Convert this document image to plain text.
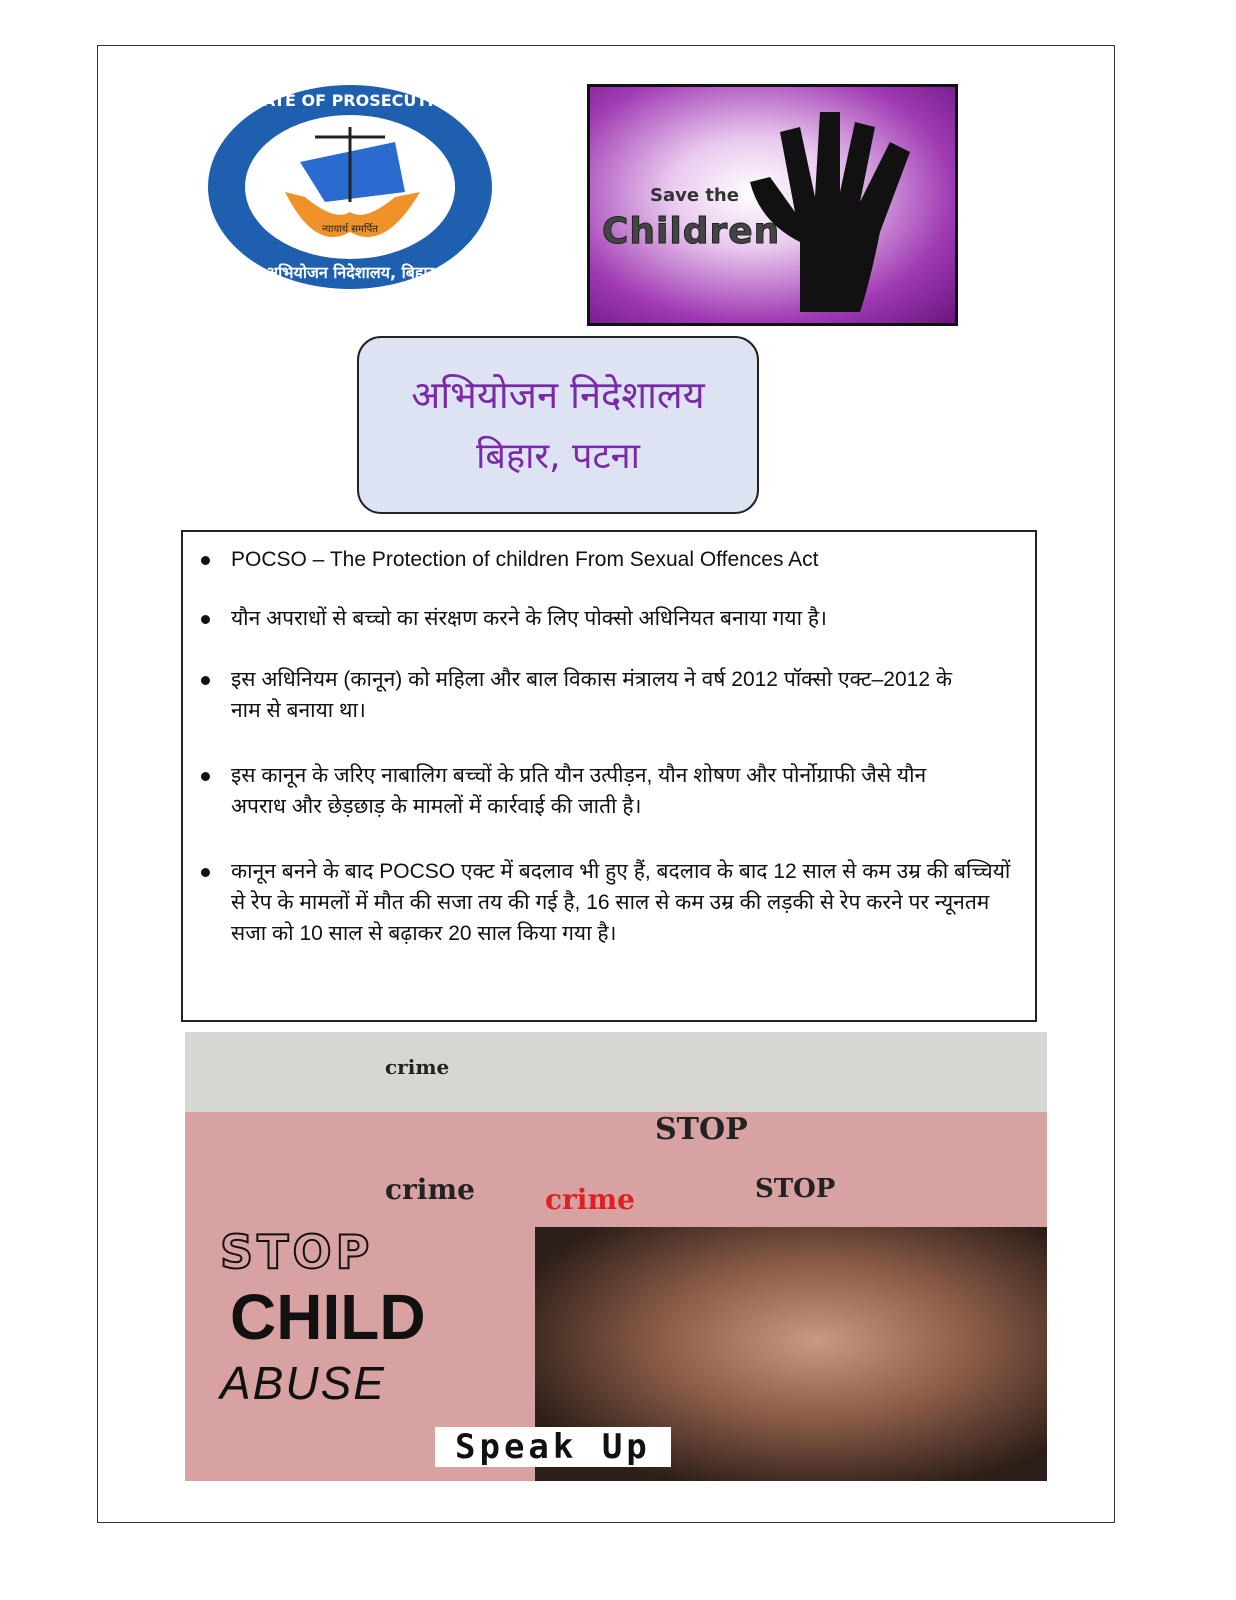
DIRECTORATE OF PROSECUTION, BIHAR
अभियोजन निदेशालय, बिहार
न्यायार्थ समर्पित
Save the
Children
अभियोजन निदेशालय
बिहार, पटना
POCSO – The Protection of children From Sexual Offences Act
यौन अपराधों से बच्चो का संरक्षण करने के लिए पोक्सो अधिनियत बनाया गया है।
इस अधिनियम (कानून) को महिला और बाल विकास मंत्रालय ने वर्ष 2012 पॉक्सो एक्ट–2012 के नाम से बनाया था।
इस कानून के जरिए नाबालिग बच्चों के प्रति यौन उत्पीड़न, यौन शोषण और पोर्नोग्राफी जैसे यौन अपराध और छेड़छाड़ के मामलों में कार्रवाई की जाती है।
कानून बनने के बाद POCSO एक्ट में बदलाव भी हुए हैं, बदलाव के बाद 12 साल से कम उम्र की बच्चियों से रेप के मामलों में मौत की सजा तय की गई है, 16 साल से कम उम्र की लड़की से रेप करने पर न्यूनतम सजा को 10 साल से बढ़ाकर 20 साल किया गया है।
crime
crime	crime
STOP
STOP
STOP
CHILD
ABUSE
Speak Up
